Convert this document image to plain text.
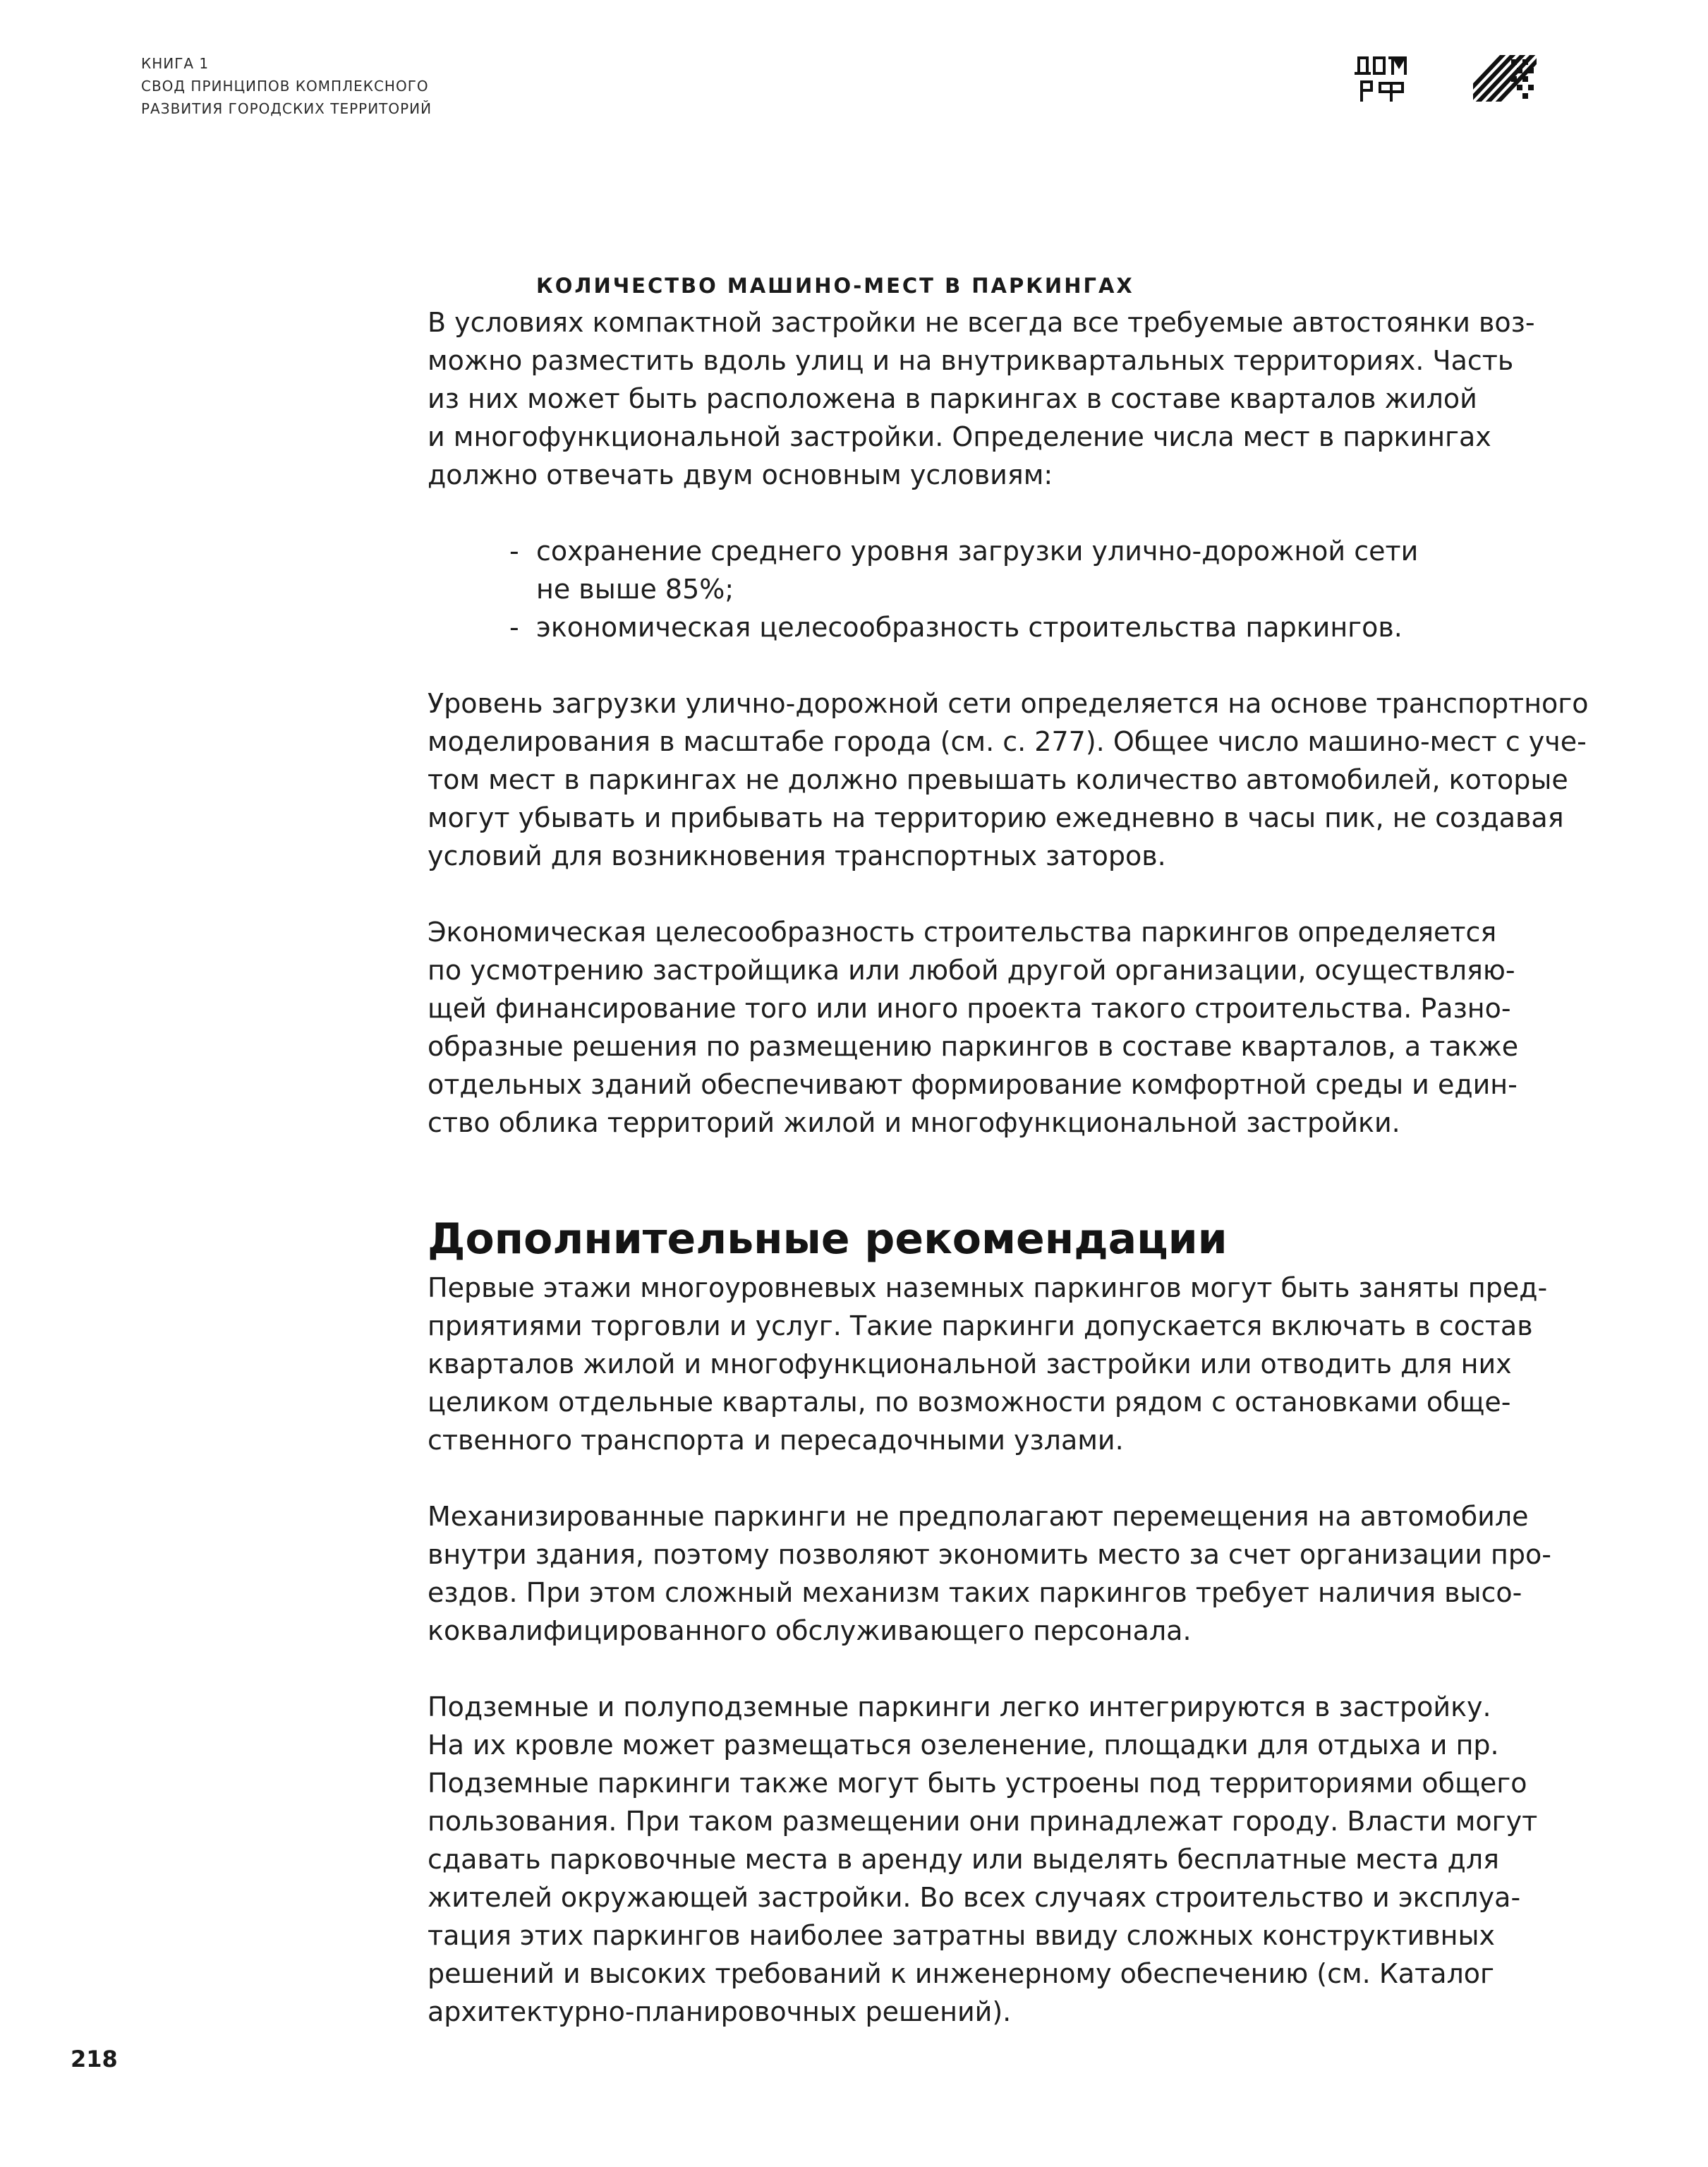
КНИГА 1
СВОД ПРИНЦИПОВ КОМПЛЕКСНОГО
РАЗВИТИЯ ГОРОДСКИХ ТЕРРИТОРИЙ
КОЛИЧЕСТВО МАШИНО-МЕСТ В ПАРКИНГАХ
В условиях компактной застройки не всегда все требуемые автостоянки воз-
можно разместить вдоль улиц и на внутриквартальных территориях. Часть
из них может быть расположена в паркингах в составе кварталов жилой
и многофункциональной застройки. Определение числа мест в паркингах
должно отвечать двум основным условиям:
- сохранение среднего уровня загрузки улично-дорожной сети
не выше 85%;
- экономическая целесообразность строительства паркингов.
Уровень загрузки улично-дорожной сети определяется на основе транспортного
моделирования в масштабе города (см. с. 277). Общее число машино-мест с уче-
том мест в паркингах не должно превышать количество автомобилей, которые
могут убывать и прибывать на территорию ежедневно в часы пик, не создавая
условий для возникновения транспортных заторов.
Экономическая целесообразность строительства паркингов определяется
по усмотрению застройщика или любой другой организации, осуществляю-
щей финансирование того или иного проекта такого строительства. Разно-
образные решения по размещению паркингов в составе кварталов, а также
отдельных зданий обеспечивают формирование комфортной среды и един-
ство облика территорий жилой и многофункциональной застройки.
Дополнительные рекомендации
Первые этажи многоуровневых наземных паркингов могут быть заняты пред-
приятиями торговли и услуг. Такие паркинги допускается включать в состав
кварталов жилой и многофункциональной застройки или отводить для них
целиком отдельные кварталы, по возможности рядом с остановками обще-
ственного транспорта и пересадочными узлами.
Механизированные паркинги не предполагают перемещения на автомобиле
внутри здания, поэтому позволяют экономить место за счет организации про-
ездов. При этом сложный механизм таких паркингов требует наличия высо-
коквалифицированного обслуживающего персонала.
Подземные и полуподземные паркинги легко интегрируются в застройку.
На их кровле может размещаться озеленение, площадки для отдыха и пр.
Подземные паркинги также могут быть устроены под территориями общего
пользования. При таком размещении они принадлежат городу. Власти могут
сдавать парковочные места в аренду или выделять бесплатные места для
жителей окружающей застройки. Во всех случаях строительство и эксплуа-
тация этих паркингов наиболее затратны ввиду сложных конструктивных
решений и высоких требований к инженерному обеспечению (см. Каталог
архитектурно-планировочных решений).
218
